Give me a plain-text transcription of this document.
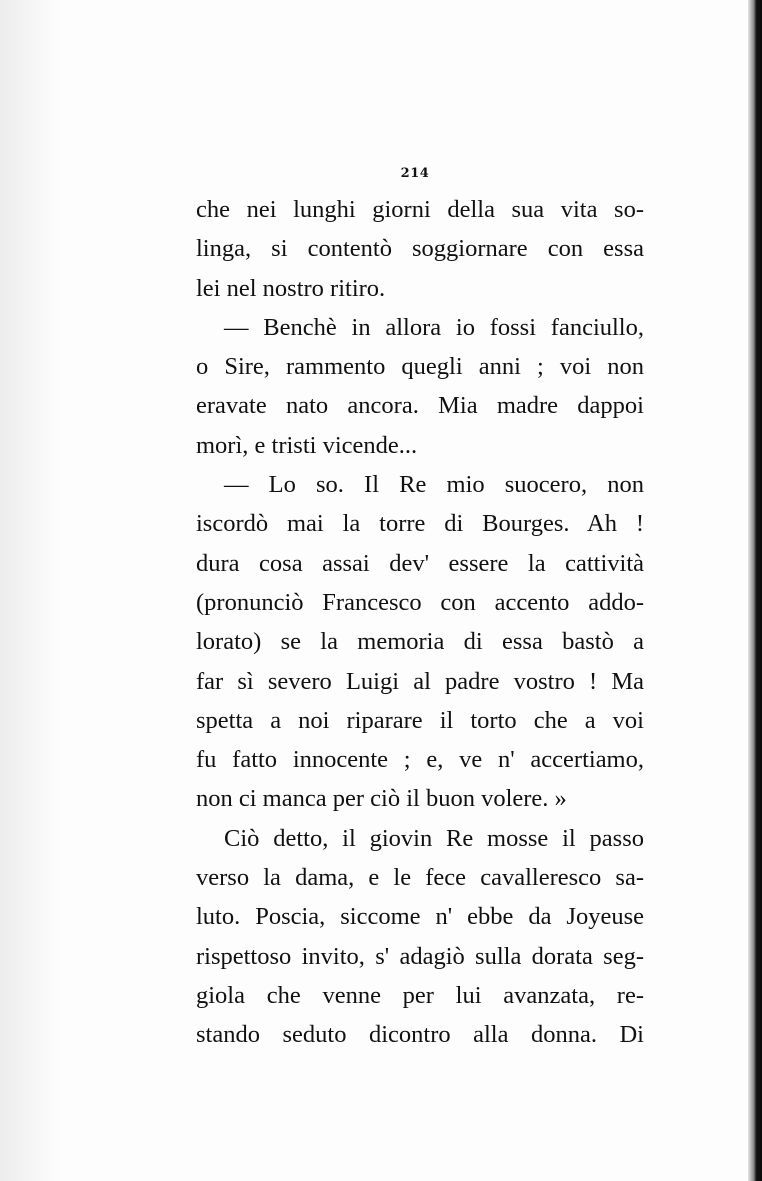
214
che nei lunghi giorni della sua vita so-
linga, si contentò soggiornare con essa
lei nel nostro ritiro.
— Benchè in allora io fossi fanciullo,
o Sire, rammento quegli anni ; voi non
eravate nato ancora. Mia madre dappoi
morì, e tristi vicende...
— Lo so. Il Re mio suocero, non
iscordò mai la torre di Bourges. Ah !
dura cosa assai dev' essere la cattività
(pronunciò Francesco con accento addo-
lorato) se la memoria di essa bastò a
far sì severo Luigi al padre vostro ! Ma
spetta a noi riparare il torto che a voi
fu fatto innocente ; e, ve n' accertiamo,
non ci manca per ciò il buon volere. »
Ciò detto, il giovin Re mosse il passo
verso la dama, e le fece cavalleresco sa-
luto. Poscia, siccome n' ebbe da Joyeuse
rispettoso invito, s' adagiò sulla dorata seg-
giola che venne per lui avanzata, re-
stando seduto dicontro alla donna. Di
